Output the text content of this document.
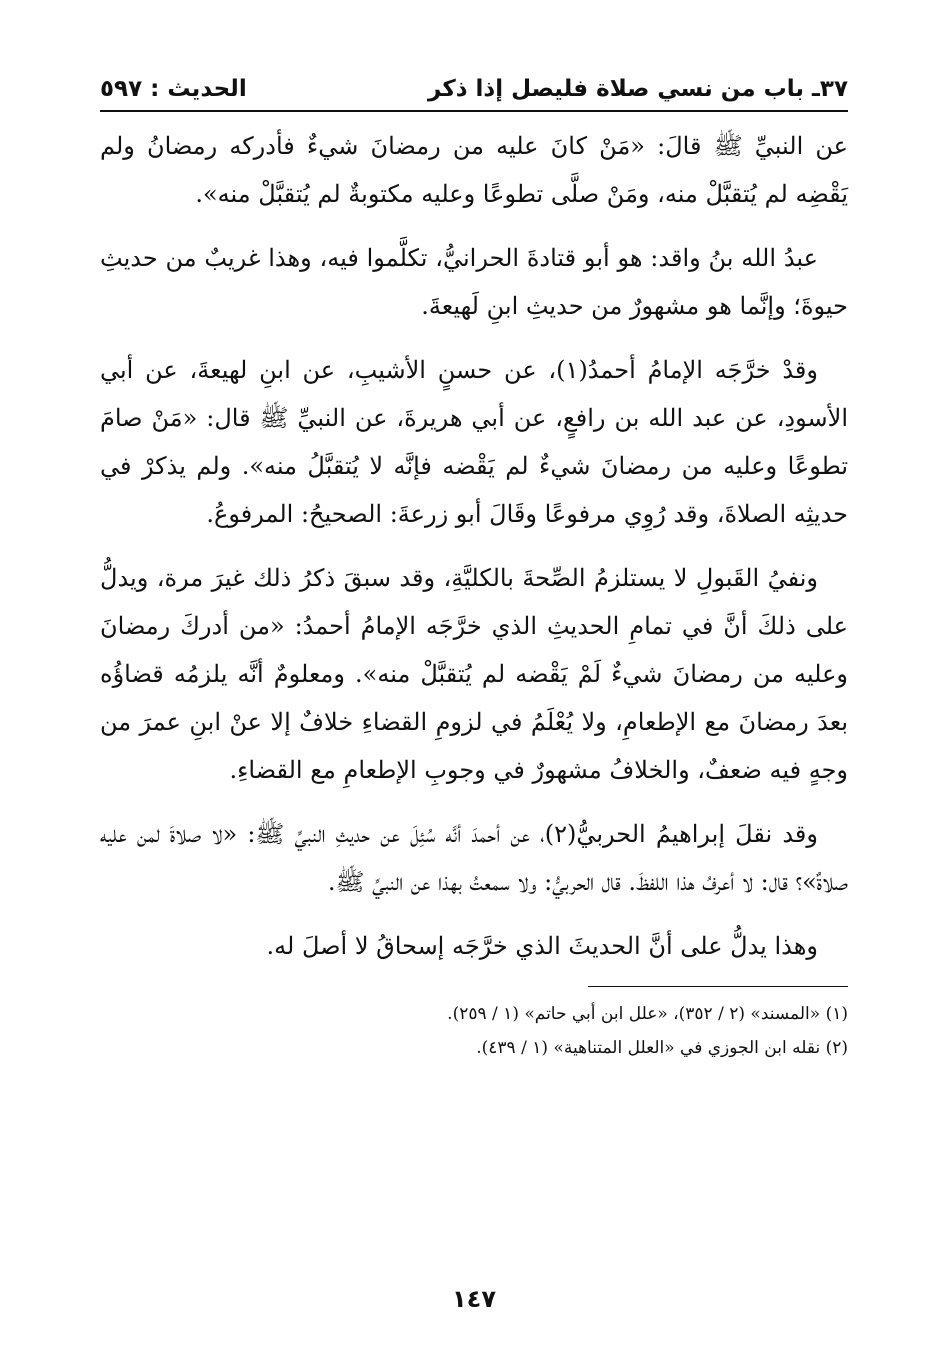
٣٧ـ باب من نسي صلاة فليصل إذا ذكر
الحديث : ٥٩٧

عن النبيِّ ﷺ قالَ: «مَنْ كانَ عليه من رمضانَ شيءٌ فأدركه رمضانُ ولم يَقْضِه لم يُتقبَّلْ منه، ومَنْ صلَّى تطوعًا وعليه مكتوبةٌ لم يُتقبَّلْ منه».

عبدُ الله بنُ واقد: هو أبو قتادةَ الحرانيُّ، تكلَّموا فيه، وهذا غريبٌ من حديثِ حيوةَ؛ وإنَّما هو مشهورٌ من حديثِ ابنِ لَهيعةَ.

وقدْ خرَّجَه الإمامُ أحمدُ(١)، عن حسنٍ الأشيبِ، عن ابنِ لهيعةَ، عن أبي الأسودِ، عن عبد الله بن رافعٍ، عن أبي هريرةَ، عن النبيِّ ﷺ قال: «مَنْ صامَ تطوعًا وعليه من رمضانَ شيءٌ لم يَقْضه فإنَّه لا يُتقبَّلُ منه». ولم يذكرْ في حديثِه الصلاةَ، وقد رُوِي مرفوعًا وقَالَ أبو زرعةَ: الصحيحُ: المرفوعُ.

ونفيُ القَبولِ لا يستلزمُ الصِّحةَ بالكليَّةِ، وقد سبقَ ذكرُ ذلك غيرَ مرة، ويدلُّ على ذلكَ أنَّ في تمامِ الحديثِ الذي خرَّجَه الإمامُ أحمدُ: «من أدركَ رمضانَ وعليه من رمضانَ شيءٌ لَمْ يَقْضه لم يُتقبَّلْ منه». ومعلومٌ أنَّه يلزمُه قضاؤُه بعدَ رمضانَ مع الإطعامِ، ولا يُعْلَمُ في لزومِ القضاءِ خلافٌ إلا عنْ ابنِ عمرَ من وجهٍ فيه ضعفٌ، والخلافُ مشهورٌ في وجوبِ الإطعامِ مع القضاءِ.

وقد نقلَ إبراهيمُ الحربيُّ(٢)، عن أحمدَ أنَّه سُئِلَ عن حديثِ النبيِّ ﷺ: «لا صلاةَ لمن عليه صلاةٌ»؟ قال: لا أعرفُ هذا اللفظَ. قال الحربيُّ: ولا سمعتُ بهذا عن النبيِّ ﷺ.

وهذا يدلُّ على أنَّ الحديثَ الذي خرَّجَه إسحاقُ لا أصلَ له.

(١) «المسند» (٢ / ٣٥٢)، «علل ابن أبي حاتم» (١ / ٢٥٩).
(٢) نقله ابن الجوزي في «العلل المتناهية» (١ / ٤٣٩).
١٤٧
